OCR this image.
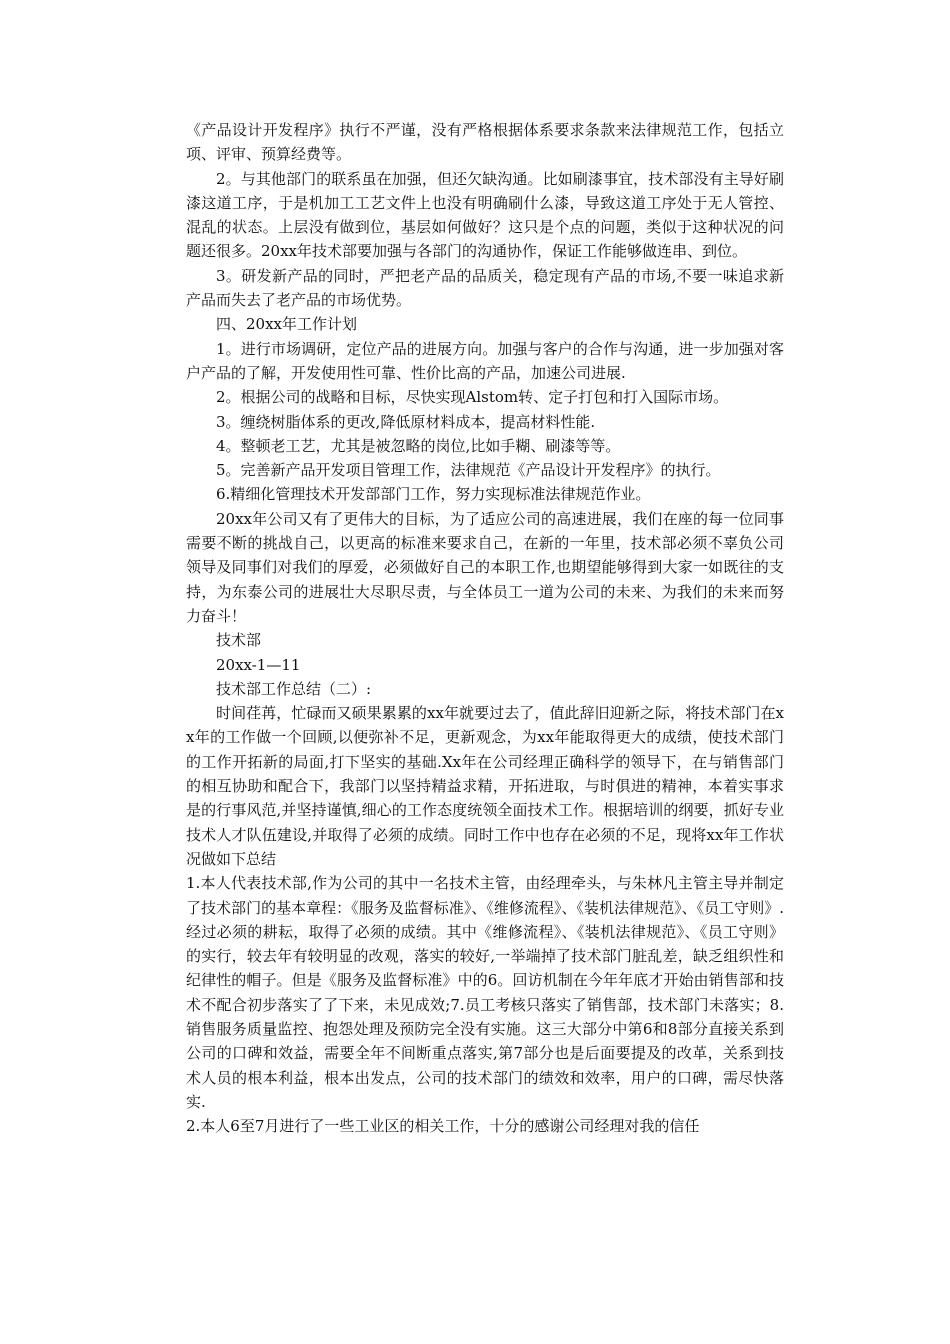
《产品设计开发程序》执行不严谨，没有严格根据体系要求条款来法律规范工作，包括立项、评审、预算经费等。

2。与其他部门的联系虽在加强，但还欠缺沟通。比如刷漆事宜，技术部没有主导好刷漆这道工序，于是机加工工艺文件上也没有明确刷什么漆，导致这道工序处于无人管控、混乱的状态。上层没有做到位，基层如何做好？这只是个点的问题，类似于这种状况的问题还很多。20xx年技术部要加强与各部门的沟通协作，保证工作能够做连串、到位。

3。研发新产品的同时，严把老产品的品质关，稳定现有产品的市场,不要一味追求新产品而失去了老产品的市场优势。

四、20xx年工作计划

1。进行市场调研，定位产品的进展方向。加强与客户的合作与沟通，进一步加强对客户产品的了解，开发使用性可靠、性价比高的产品，加速公司进展.

2。根据公司的战略和目标，尽快实现Alstom转、定子打包和打入国际市场。

3。缠绕树脂体系的更改,降低原材料成本，提高材料性能.

4。整顿老工艺，尤其是被忽略的岗位,比如手糊、刷漆等等。

5。完善新产品开发项目管理工作，法律规范《产品设计开发程序》的执行。

6.精细化管理技术开发部部门工作，努力实现标准法律规范作业。

20xx年公司又有了更伟大的目标，为了适应公司的高速进展，我们在座的每一位同事需要不断的挑战自己，以更高的标准来要求自己，在新的一年里，技术部必须不辜负公司领导及同事们对我们的厚爱，必须做好自己的本职工作,也期望能够得到大家一如既往的支持，为东泰公司的进展壮大尽职尽责，与全体员工一道为公司的未来、为我们的未来而努力奋斗！

技术部

20xx-1—11

技术部工作总结（二）:

时间荏苒，忙碌而又硕果累累的xx年就要过去了，值此辞旧迎新之际，将技术部门在xx年的工作做一个回顾,以便弥补不足，更新观念，为xx年能取得更大的成绩，使技术部门的工作开拓新的局面,打下坚实的基础.Xx年在公司经理正确科学的领导下，在与销售部门的相互协助和配合下，我部门以坚持精益求精，开拓进取，与时俱进的精神，本着实事求是的行事风范,并坚持谨慎,细心的工作态度统领全面技术工作。根据培训的纲要，抓好专业技术人才队伍建设,并取得了必须的成绩。同时工作中也存在必须的不足，现将xx年工作状况做如下总结

1.本人代表技术部,作为公司的其中一名技术主管，由经理牵头，与朱林凡主管主导并制定了技术部门的基本章程：《服务及监督标准》、《维修流程》、《装机法律规范》、《员工守则》.经过必须的耕耘，取得了必须的成绩。其中《维修流程》、《装机法律规范》、《员工守则》的实行，较去年有较明显的改观，落实的较好,一举端掉了技术部门脏乱差，缺乏组织性和纪律性的帽子。但是《服务及监督标准》中的6。回访机制在今年年底才开始由销售部和技术不配合初步落实了了下来，未见成效;7.员工考核只落实了销售部，技术部门未落实；8.销售服务质量监控、抱怨处理及预防完全没有实施。这三大部分中第6和8部分直接关系到公司的口碑和效益，需要全年不间断重点落实,第7部分也是后面要提及的改革，关系到技术人员的根本利益，根本出发点，公司的技术部门的绩效和效率，用户的口碑，需尽快落实.

2.本人6至7月进行了一些工业区的相关工作，十分的感谢公司经理对我的信任
